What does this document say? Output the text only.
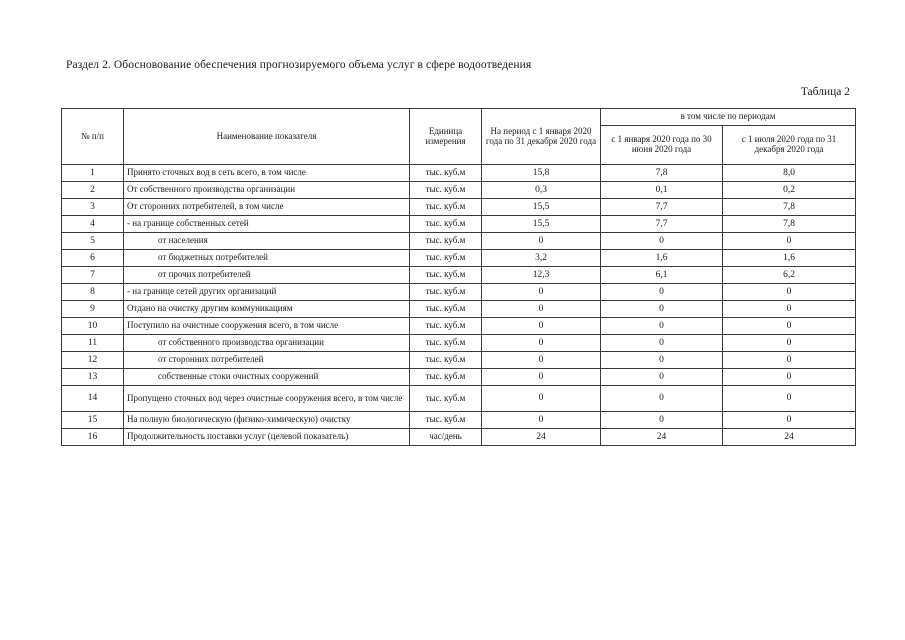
Раздел 2. Обосновование обеспечения прогнозируемого объема услуг в сфере водоотведения
Таблица 2
№ п/п	Наименование показателя	Единица измерения	На период с 1 января 2020 года по 31 декабря 2020 года	в том числе по периодам	
				с 1 января 2020 года по 30 июня 2020 года	с 1 июля 2020 года по 31 декабря 2020 года
1	Принято сточных вод в сеть всего, в том числе	тыс. куб.м	15,8	7,8	8,0
2	От собственного производства организации	тыс. куб.м	0,3	0,1	0,2
3	От сторонних потребителей, в том числе	тыс. куб.м	15,5	7,7	7,8
4	- на границе собственных сетей	тыс. куб.м	15,5	7,7	7,8
5	от населения	тыс. куб.м	0	0	0
6	от бюджетных потребителей	тыс. куб.м	3,2	1,6	1,6
7	от прочих потребителей	тыс. куб.м	12,3	6,1	6,2
8	- на границе сетей других организаций	тыс. куб.м	0	0	0
9	Отдано на очистку другим коммуникациям	тыс. куб.м	0	0	0
10	Поступило на очистные сооружения всего, в том числе	тыс. куб.м	0	0	0
11	от собственного производства организации	тыс. куб.м	0	0	0
12	от сторонних потребителей	тыс. куб.м	0	0	0
13	собственные стоки очистных сооружений	тыс. куб.м	0	0	0
14	Пропущено сточных вод через очистные сооружения всего, в том числе	тыс. куб.м	0	0	0
15	На полную биологическую (физико-химическую) очистку	тыс. куб.м	0	0	0
16	Продолжительность поставки услуг (целевой показатель)	час/день	24	24	24
